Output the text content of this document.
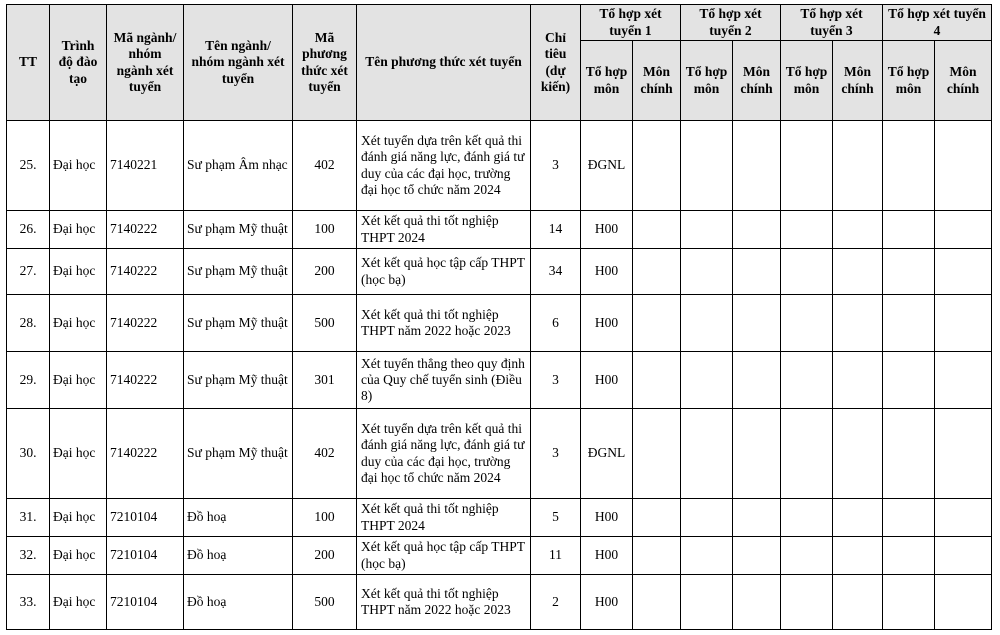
TT	Trình độ đào tạo	Mã ngành/ nhóm ngành xét tuyển	Tên ngành/ nhóm ngành xét tuyển	Mã phương thức xét tuyển	Tên phương thức xét tuyển	Chỉ tiêu (dự kiến)	Tổ hợp xét tuyển 1		Tổ hợp xét tuyển 2		Tổ hợp xét tuyển 3		Tổ hợp xét tuyển 4	
							Tổ hợp môn	Môn chính	Tổ hợp môn	Môn chính	Tổ hợp môn	Môn chính	Tổ hợp môn	Môn chính
25.	Đại học	7140221	Sư phạm Âm nhạc	402	Xét tuyển dựa trên kết quả thi đánh giá năng lực, đánh giá tư duy của các đại học, trường đại học tổ chức năm 2024	3	ĐGNL							
26.	Đại học	7140222	Sư phạm Mỹ thuật	100	Xét kết quả thi tốt nghiệp THPT 2024	14	H00							
27.	Đại học	7140222	Sư phạm Mỹ thuật	200	Xét kết quả học tập cấp THPT (học bạ)	34	H00							
28.	Đại học	7140222	Sư phạm Mỹ thuật	500	Xét kết quả thi tốt nghiệp THPT năm 2022 hoặc 2023	6	H00							
29.	Đại học	7140222	Sư phạm Mỹ thuật	301	Xét tuyển thẳng theo quy định của Quy chế tuyển sinh (Điều 8)	3	H00							
30.	Đại học	7140222	Sư phạm Mỹ thuật	402	Xét tuyển dựa trên kết quả thi đánh giá năng lực, đánh giá tư duy của các đại học, trường đại học tổ chức năm 2024	3	ĐGNL							
31.	Đại học	7210104	Đồ hoạ	100	Xét kết quả thi tốt nghiệp THPT 2024	5	H00							
32.	Đại học	7210104	Đồ hoạ	200	Xét kết quả học tập cấp THPT (học bạ)	11	H00							
33.	Đại học	7210104	Đồ hoạ	500	Xét kết quả thi tốt nghiệp THPT năm 2022 hoặc 2023	2	H00							
